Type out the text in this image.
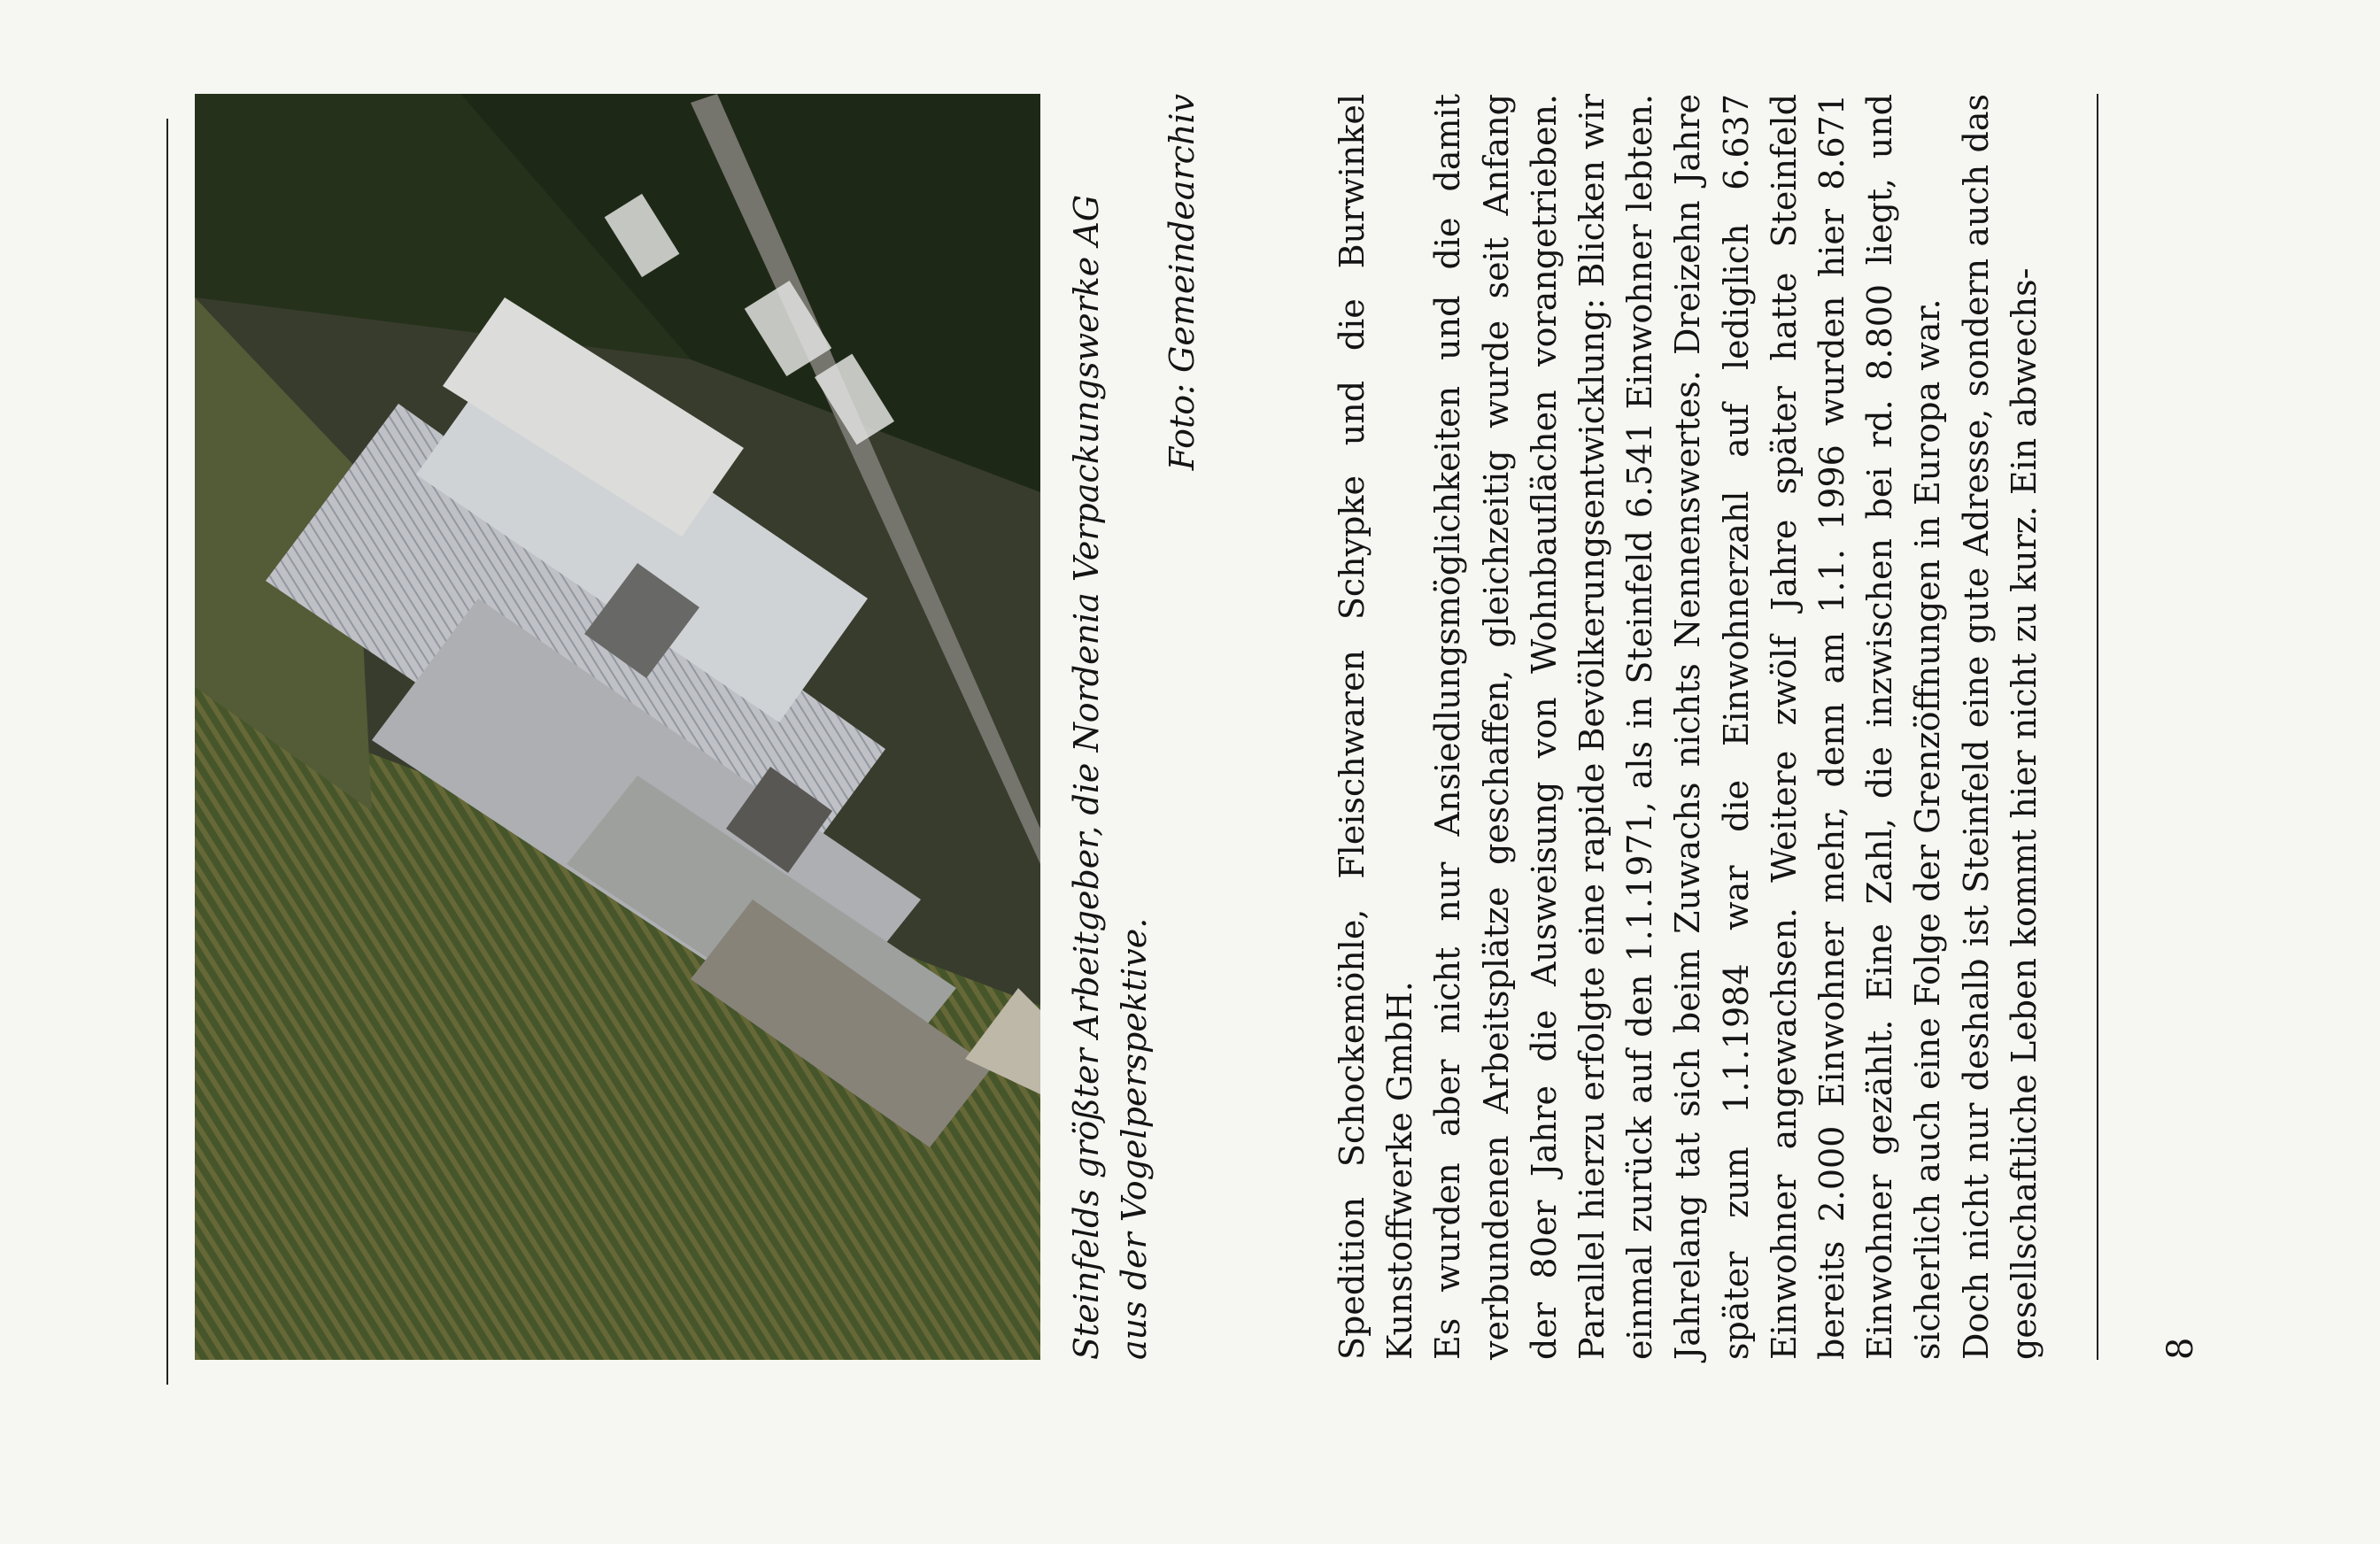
Steinfelds größter Arbeitgeber, die Nordenia Verpackungswerke AG aus der Vogelperspektive.
Foto: Gemeindearchiv	Spedition Schockemöhle, Fleischwaren Schypke und die Burwinkel Kunstoffwerke GmbH. Es wurden aber nicht nur Ansiedlungsmöglichkeiten und die damit verbundenen Arbeitsplätze geschaffen, gleichzeitig wurde seit Anfang der 80er Jahre die Ausweisung von Wohnbauflächen vorangetrieben. Parallel hierzu erfolgte eine rapide Bevölkerungsentwicklung: Blicken wir einmal zurück auf den 1.1.1971, als in Steinfeld 6.541 Einwohner lebten. Jahrelang tat sich beim Zuwachs nichts Nennenswertes. Dreizehn Jahre später zum 1.1.1984 war die Einwohnerzahl auf lediglich 6.637 Einwohner angewachsen. Weitere zwölf Jahre später hatte Steinfeld bereits 2.000 Einwohner mehr, denn am 1.1. 1996 wurden hier 8.671 Einwohner gezählt. Eine Zahl, die inzwischen bei rd. 8.800 liegt, und sicherlich auch eine Folge der Grenzöffnungen in Europa war. Doch nicht nur deshalb ist Steinfeld eine gute Adresse, sondern auch das gesellschaftliche Leben kommt hier nicht zu kurz. Ein abwechs-	8
